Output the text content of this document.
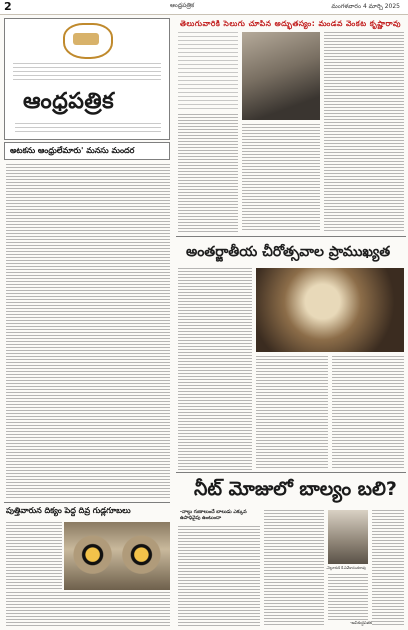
2	ఆంధ్రపత్రిక	మంగళవారం 4 మార్చి 2025
ఆంధ్రపత్రిక
అటకను ఆంధ్రులేమారు' మనసు మందర
పుత్తివారున దిక్యం పెద్ద దివ్ర గుడ్లగూబలు
తెలుగువారికి సెలుగు చూపిన అద్భుతస్యం: మండవ వెంకట కృష్ణారావు
అంతర్జాతీయ చీరోత్సవాల ప్రాముఖ్యత
నీట్ మోజులో బాల్యం బలి?
-నాల్గు గుణాలుందే బాలుడు ఎక్కువ ఉపాధివైపు ఉంటుందా
-నెల్లూరుకి కే.వివేకానందరావు
-అవిశుద్ధపతక
